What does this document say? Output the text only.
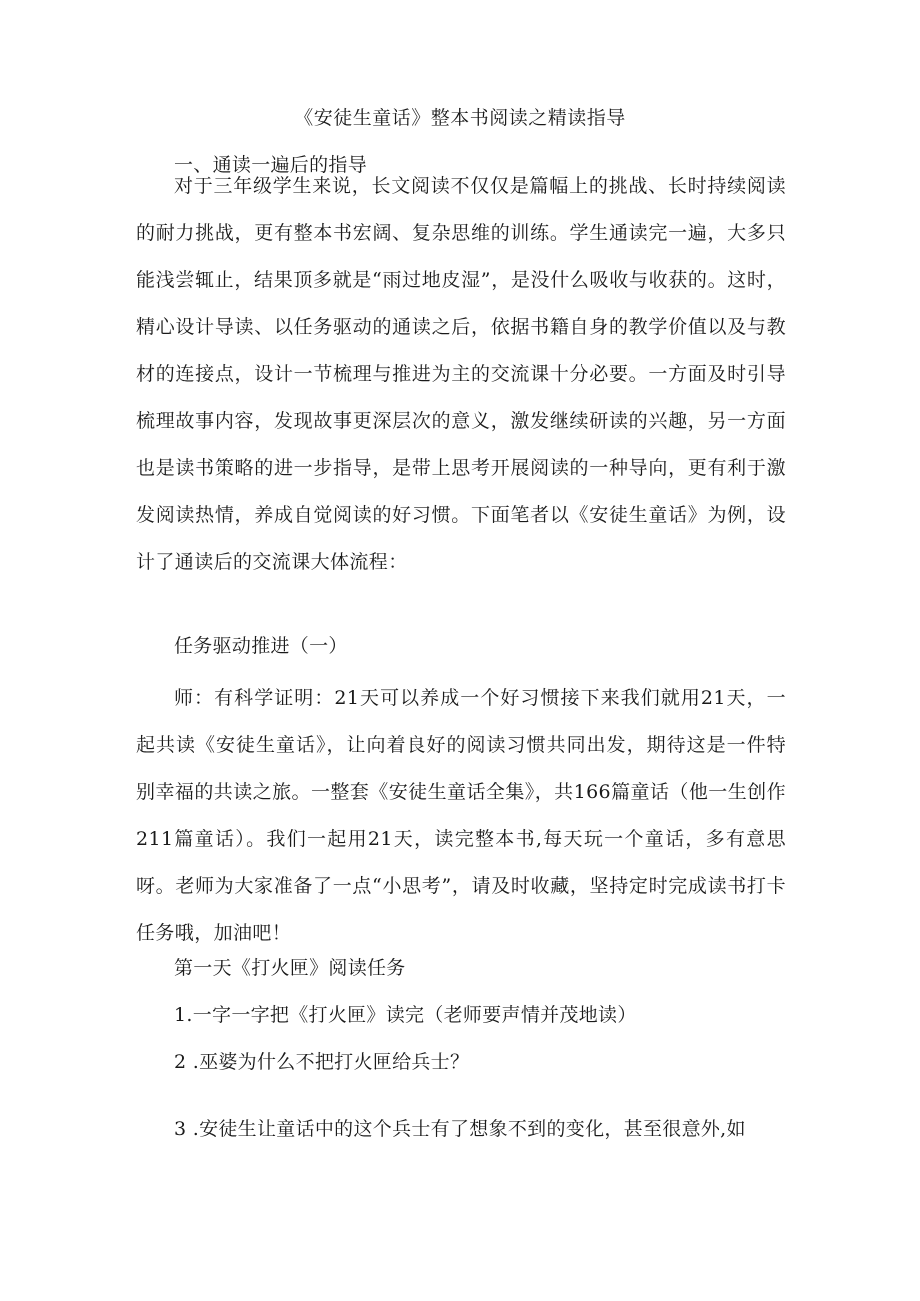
《安徒生童话》整本书阅读之精读指导
一、通读一遍后的指导

对于三年级学生来说，长文阅读不仅仅是篇幅上的挑战、长时持续阅读的耐力挑战，更有整本书宏阔、复杂思维的训练。学生通读完一遍，大多只能浅尝辄止，结果顶多就是“雨过地皮湿”，是没什么吸收与收获的。这时，精心设计导读、以任务驱动的通读之后，依据书籍自身的教学价值以及与教材的连接点，设计一节梳理与推进为主的交流课十分必要。一方面及时引导梳理故事内容，发现故事更深层次的意义，激发继续研读的兴趣，另一方面也是读书策略的进一步指导，是带上思考开展阅读的一种导向，更有利于激发阅读热情，养成自觉阅读的好习惯。下面笔者以《安徒生童话》为例，设计了通读后的交流课大体流程：

任务驱动推进（一）

师：有科学证明：21天可以养成一个好习惯接下来我们就用21天，一起共读《安徒生童话》，让向着良好的阅读习惯共同出发，期待这是一件特别幸福的共读之旅。一整套《安徒生童话全集》，共166篇童话（他一生创作211篇童话）。我们一起用21天，读完整本书,每天玩一个童话，多有意思呀。老师为大家准备了一点“小思考”，请及时收藏，坚持定时完成读书打卡任务哦，加油吧！

第一天《打火匣》阅读任务
1.一字一字把《打火匣》读完（老师要声情并茂地读）
2 .巫婆为什么不把打火匣给兵士？
3 .安徒生让童话中的这个兵士有了想象不到的变化，甚至很意外,如
